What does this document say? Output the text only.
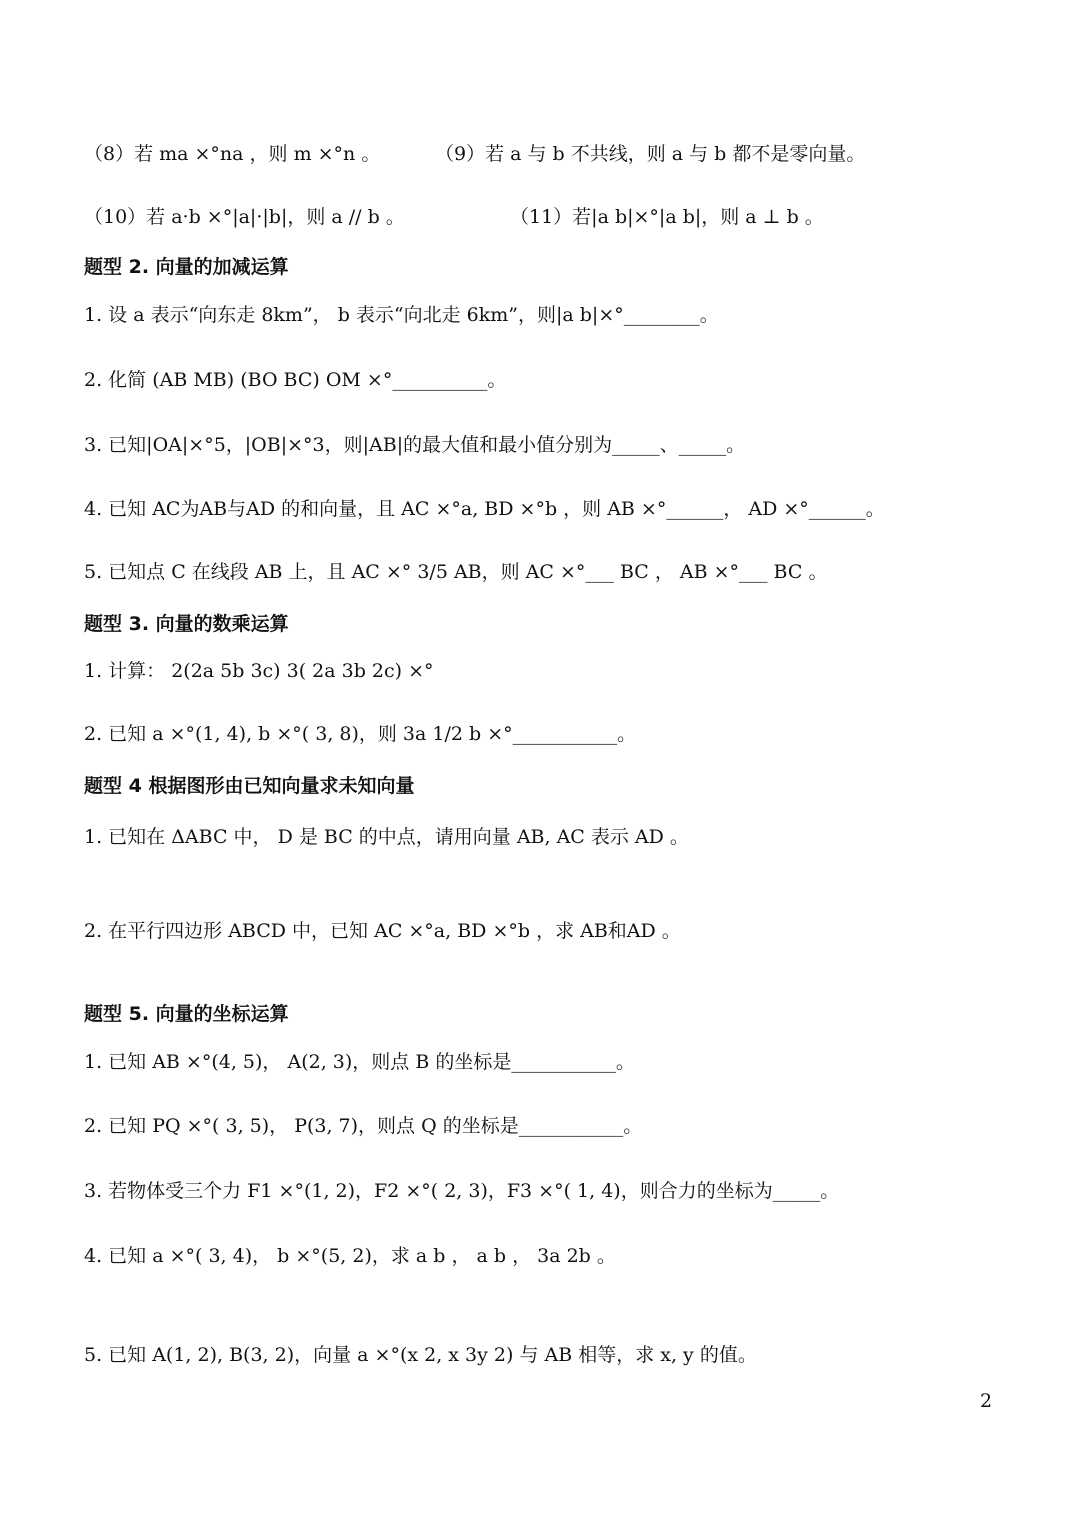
（8）若 ma ×°na ，则 m ×°n 。	（9）若 a 与 b 不共线，则 a 与 b 都不是零向量。
（10）若 a·b ×°|a|·|b|，则 a // b 。	（11）若|a b|×°|a b|，则 a ⊥ b 。
题型 2. 向量的加减运算
1. 设 a 表示“向东走 8km”， b 表示“向北走 6km”，则|a b|×°________。
2. 化简 (AB MB) (BO BC) OM ×°__________。
3. 已知|OA|×°5，|OB|×°3，则|AB|的最大值和最小值分别为_____、_____。
4. 已知 AC为AB与AD 的和向量，且 AC ×°a, BD ×°b ，则 AB ×°______， AD ×°______。
5. 已知点 C 在线段 AB 上，且 AC ×° 3/5 AB，则 AC ×°___ BC ， AB ×°___ BC 。
题型 3. 向量的数乘运算
1. 计算： 2(2a 5b 3c) 3( 2a 3b 2c) ×°
2. 已知 a ×°(1, 4), b ×°( 3, 8)，则 3a 1/2 b ×°___________。
题型 4 根据图形由已知向量求未知向量
1. 已知在 ΔABC 中， D 是 BC 的中点，请用向量 AB, AC 表示 AD 。
2. 在平行四边形 ABCD 中，已知 AC ×°a, BD ×°b ，求 AB和AD 。
题型 5. 向量的坐标运算
1. 已知 AB ×°(4, 5)， A(2, 3)，则点 B 的坐标是___________。
2. 已知 PQ ×°( 3, 5)， P(3, 7)，则点 Q 的坐标是___________。
3. 若物体受三个力 F1 ×°(1, 2)，F2 ×°( 2, 3)，F3 ×°( 1, 4)，则合力的坐标为_____。
4. 已知 a ×°( 3, 4)， b ×°(5, 2)，求 a b ， a b ， 3a 2b 。
5. 已知 A(1, 2), B(3, 2)，向量 a ×°(x 2, x 3y 2) 与 AB 相等，求 x, y 的值。
2
